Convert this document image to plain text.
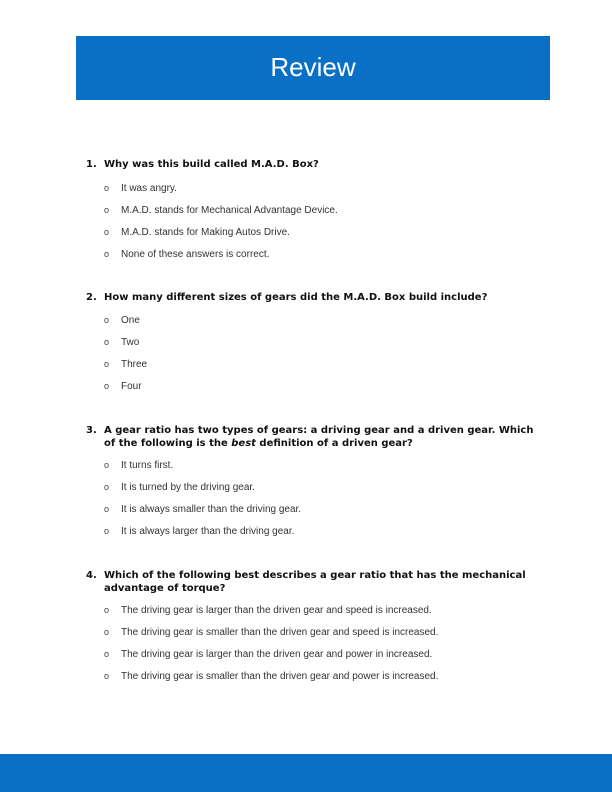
Review
1. Why was this build called M.A.D. Box?
o It was angry.
o M.A.D. stands for Mechanical Advantage Device.
o M.A.D. stands for Making Autos Drive.
o None of these answers is correct.
2. How many different sizes of gears did the M.A.D. Box build include?
o One
o Two
o Three
o Four
3. A gear ratio has two types of gears: a driving gear and a driven gear. Which of the following is the best definition of a driven gear?
o It turns first.
o It is turned by the driving gear.
o It is always smaller than the driving gear.
o It is always larger than the driving gear.
4. Which of the following best describes a gear ratio that has the mechanical advantage of torque?
o The driving gear is larger than the driven gear and speed is increased.
o The driving gear is smaller than the driven gear and speed is increased.
o The driving gear is larger than the driven gear and power in increased.
o The driving gear is smaller than the driven gear and power is increased.
